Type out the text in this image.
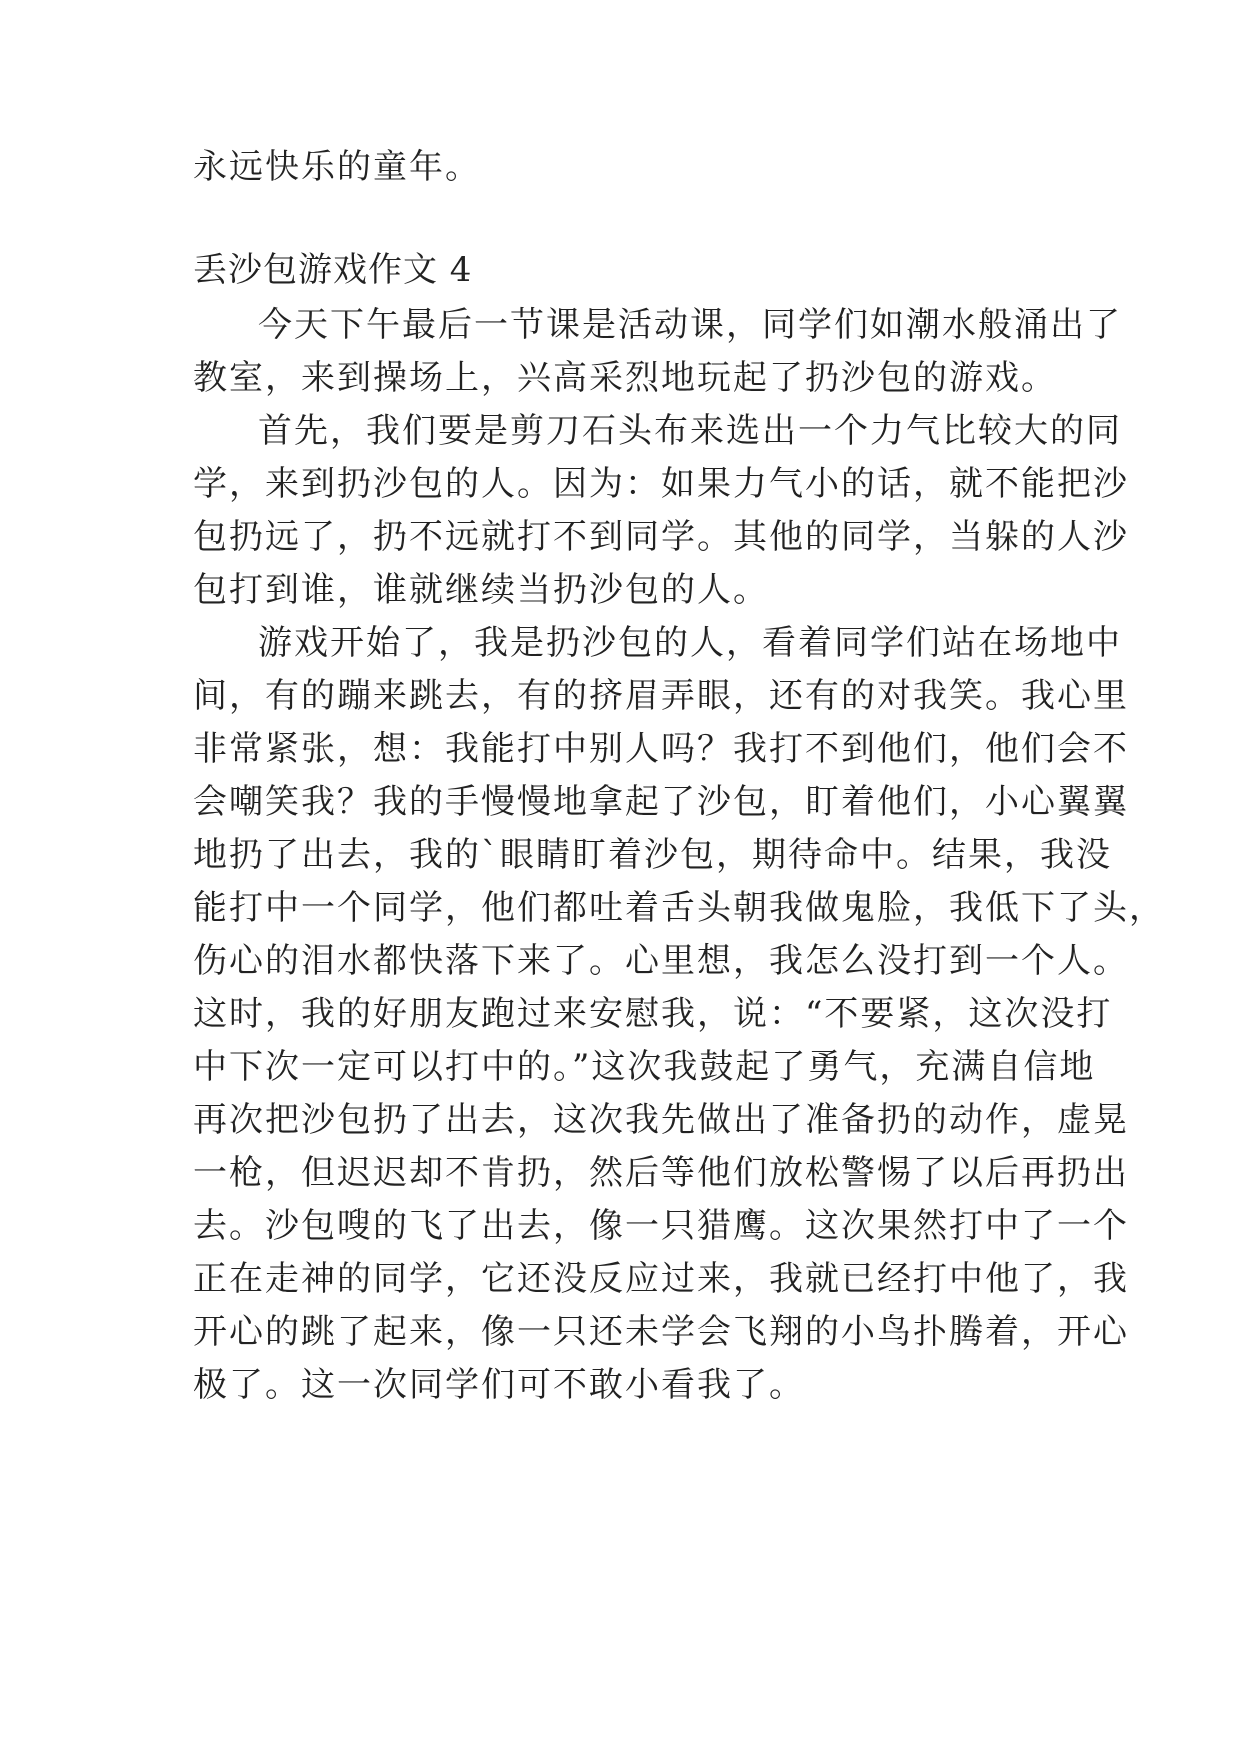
永远快乐的童年。
丢沙包游戏作文 4
今天下午最后一节课是活动课，同学们如潮水般涌出了
教室，来到操场上，兴高采烈地玩起了扔沙包的游戏。
首先，我们要是剪刀石头布来选出一个力气比较大的同
学，来到扔沙包的人。因为：如果力气小的话，就不能把沙
包扔远了，扔不远就打不到同学。其他的同学，当躲的人沙
包打到谁，谁就继续当扔沙包的人。
游戏开始了，我是扔沙包的人，看着同学们站在场地中
间，有的蹦来跳去，有的挤眉弄眼，还有的对我笑。我心里
非常紧张，想：我能打中别人吗？我打不到他们，他们会不
会嘲笑我？我的手慢慢地拿起了沙包，盯着他们，小心翼翼
地扔了出去，我的`眼睛盯着沙包，期待命中。结果，我没
能打中一个同学，他们都吐着舌头朝我做鬼脸，我低下了头，
伤心的泪水都快落下来了。心里想，我怎么没打到一个人。
这时，我的好朋友跑过来安慰我，说：“不要紧，这次没打
中下次一定可以打中的。”这次我鼓起了勇气，充满自信地
再次把沙包扔了出去，这次我先做出了准备扔的动作，虚晃
一枪，但迟迟却不肯扔，然后等他们放松警惕了以后再扔出
去。沙包嗖的飞了出去，像一只猎鹰。这次果然打中了一个
正在走神的同学，它还没反应过来，我就已经打中他了，我
开心的跳了起来，像一只还未学会飞翔的小鸟扑腾着，开心
极了。这一次同学们可不敢小看我了。
